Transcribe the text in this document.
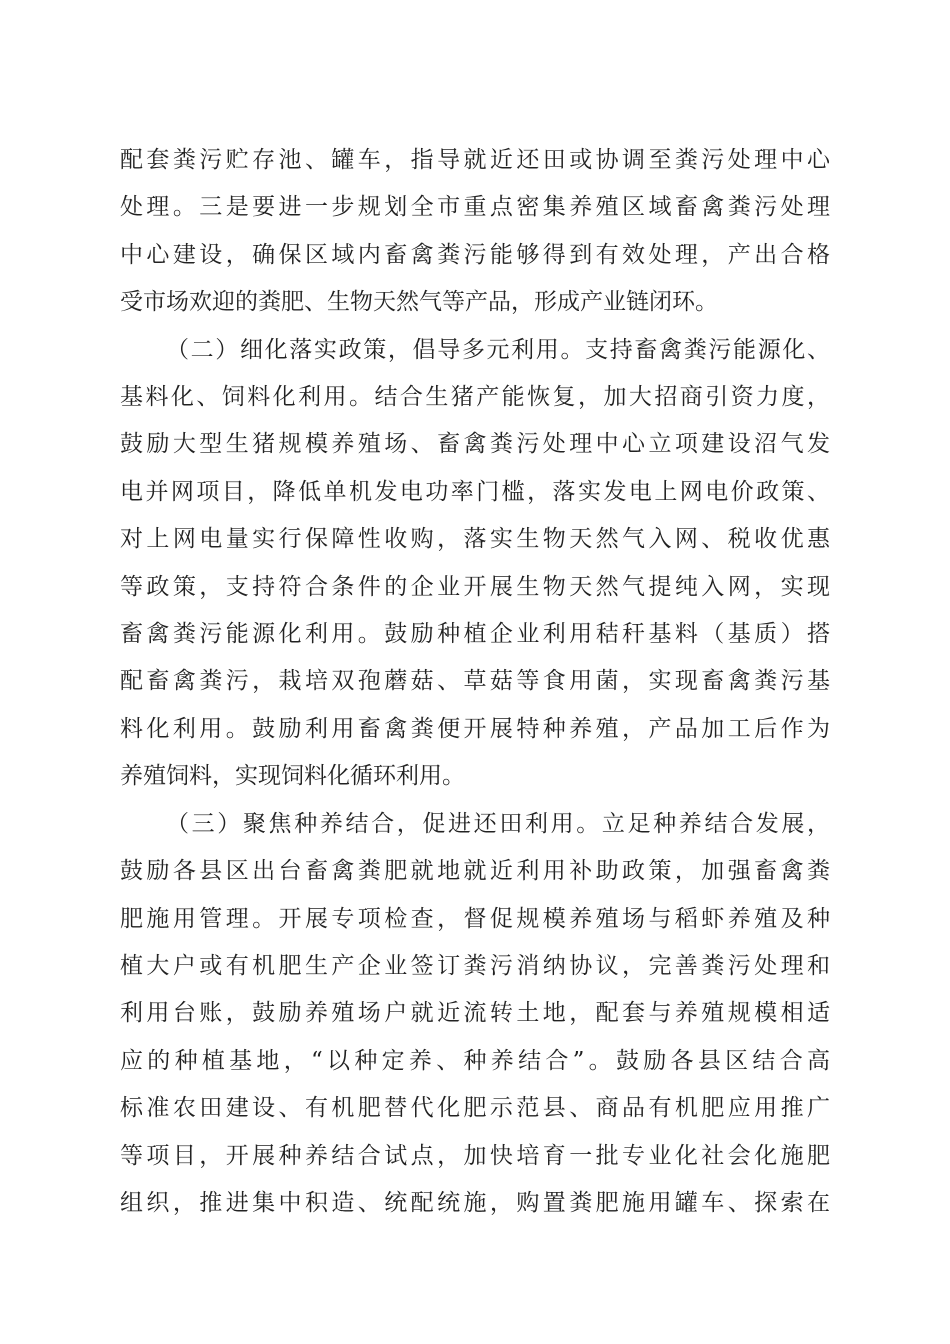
配套粪污贮存池、罐车，指导就近还田或协调至粪污处理中心
处理。三是要进一步规划全市重点密集养殖区域畜禽粪污处理
中心建设，确保区域内畜禽粪污能够得到有效处理，产出合格
受市场欢迎的粪肥、生物天然气等产品，形成产业链闭环。

（二）细化落实政策，倡导多元利用。支持畜禽粪污能源化、
基料化、饲料化利用。结合生猪产能恢复，加大招商引资力度，
鼓励大型生猪规模养殖场、畜禽粪污处理中心立项建设沼气发
电并网项目，降低单机发电功率门槛，落实发电上网电价政策、
对上网电量实行保障性收购，落实生物天然气入网、税收优惠
等政策，支持符合条件的企业开展生物天然气提纯入网，实现
畜禽粪污能源化利用。鼓励种植企业利用秸秆基料（基质）搭
配畜禽粪污，栽培双孢蘑菇、草菇等食用菌，实现畜禽粪污基
料化利用。鼓励利用畜禽粪便开展特种养殖，产品加工后作为
养殖饲料，实现饲料化循环利用。

（三）聚焦种养结合，促进还田利用。立足种养结合发展，
鼓励各县区出台畜禽粪肥就地就近利用补助政策，加强畜禽粪
肥施用管理。开展专项检查，督促规模养殖场与稻虾养殖及种
植大户或有机肥生产企业签订粪污消纳协议，完善粪污处理和
利用台账，鼓励养殖场户就近流转土地，配套与养殖规模相适
应的种植基地，“以种定养、种养结合”。鼓励各县区结合高
标准农田建设、有机肥替代化肥示范县、商品有机肥应用推广
等项目，开展种养结合试点，加快培育一批专业化社会化施肥
组织，推进集中积造、统配统施，购置粪肥施用罐车、探索在
